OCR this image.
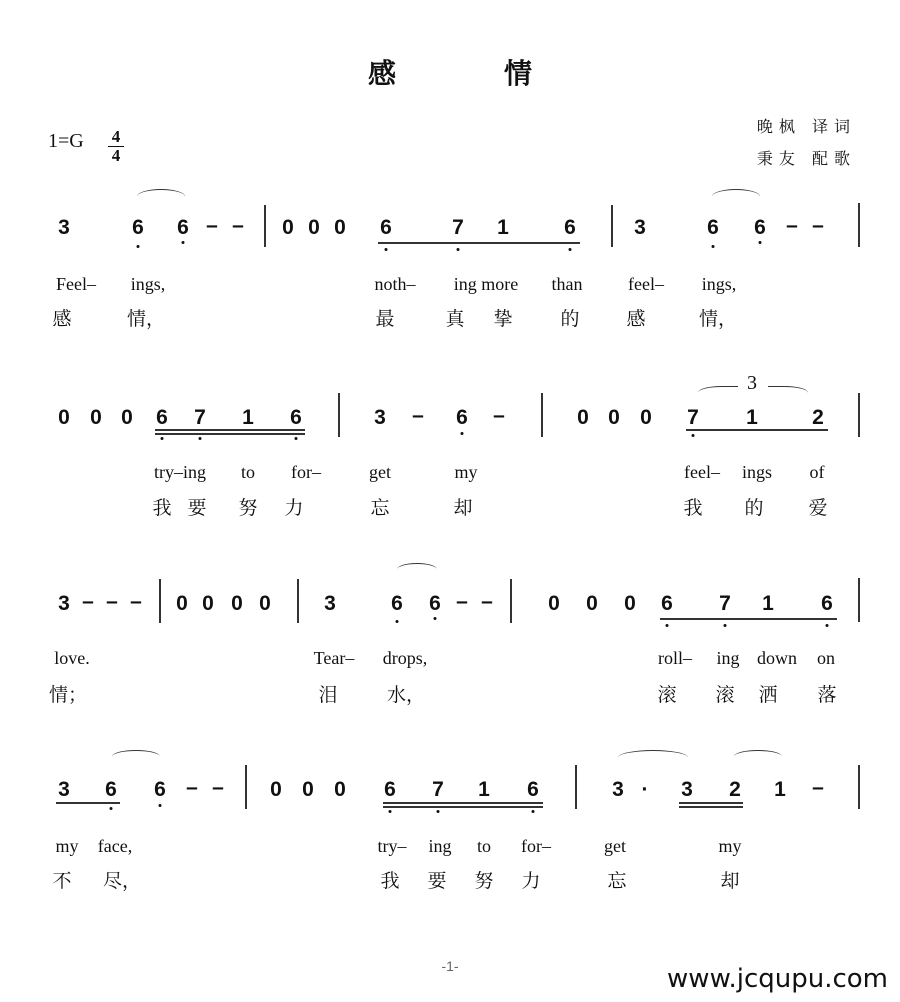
感　情
1=G	4
4
晚枫 译词
秉友 配歌
3	6 6 – – 0 0 0 6	7 1	6	3	6 6 – –
Feel– ings,	noth– ing more than	feel– ings,
感	情，	最	真 挚	的 感	情，
0 0 0 6 7 1 6	3 – 6 –	0 0 0 7 1	2
3
try–ing to for–	get	my	feel– ings of
我 要 努 力	忘	却	我 的 爱
3 – – – 0 0 0 0	3	6 6 – –	0 0 0 6 7 1 6
love.	Tear– drops,	roll– ing down on
情；	泪	水，	滚 滚 洒 落
3 6 6 – – 0 0 0 6 7 1 6	3 · 3 2 1 –
my face,	try– ing to for–	get	my
不 尽，	我 要 努 力	忘	却
-1-	www.jcqupu.com
